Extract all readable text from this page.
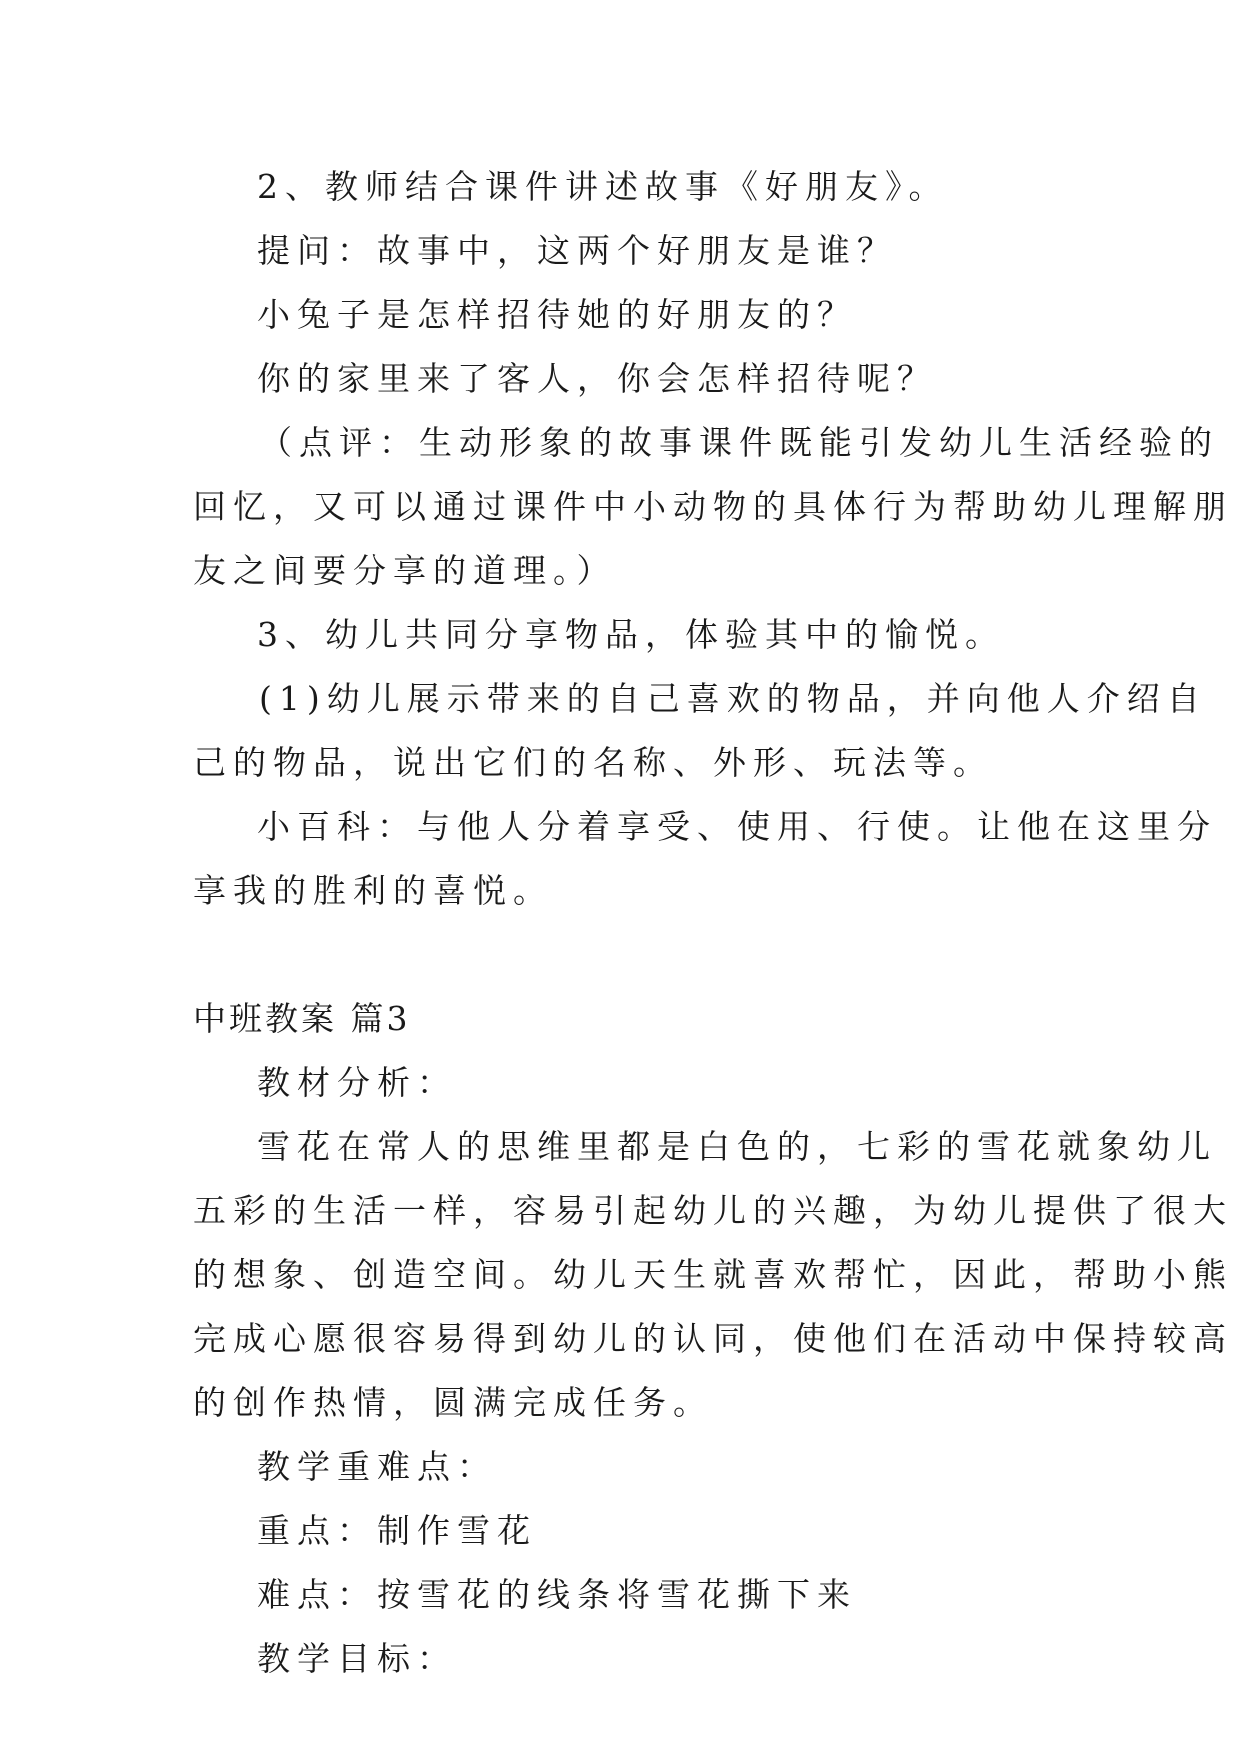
2、教师结合课件讲述故事《好朋友》。
提问：故事中，这两个好朋友是谁？
小兔子是怎样招待她的好朋友的？
你的家里来了客人，你会怎样招待呢？
（点评：生动形象的故事课件既能引发幼儿生活经验的
回忆，又可以通过课件中小动物的具体行为帮助幼儿理解朋
友之间要分享的道理。）
3、幼儿共同分享物品，体验其中的愉悦。
(1)幼儿展示带来的自己喜欢的物品，并向他人介绍自
己的物品，说出它们的名称、外形、玩法等。
小百科：与他人分着享受、使用、行使。让他在这里分
享我的胜利的喜悦。
中班教案 篇3
教材分析：
雪花在常人的思维里都是白色的，七彩的雪花就象幼儿
五彩的生活一样，容易引起幼儿的兴趣，为幼儿提供了很大
的想象、创造空间。幼儿天生就喜欢帮忙，因此，帮助小熊
完成心愿很容易得到幼儿的认同，使他们在活动中保持较高
的创作热情，圆满完成任务。
教学重难点：
重点：制作雪花
难点：按雪花的线条将雪花撕下来
教学目标：
